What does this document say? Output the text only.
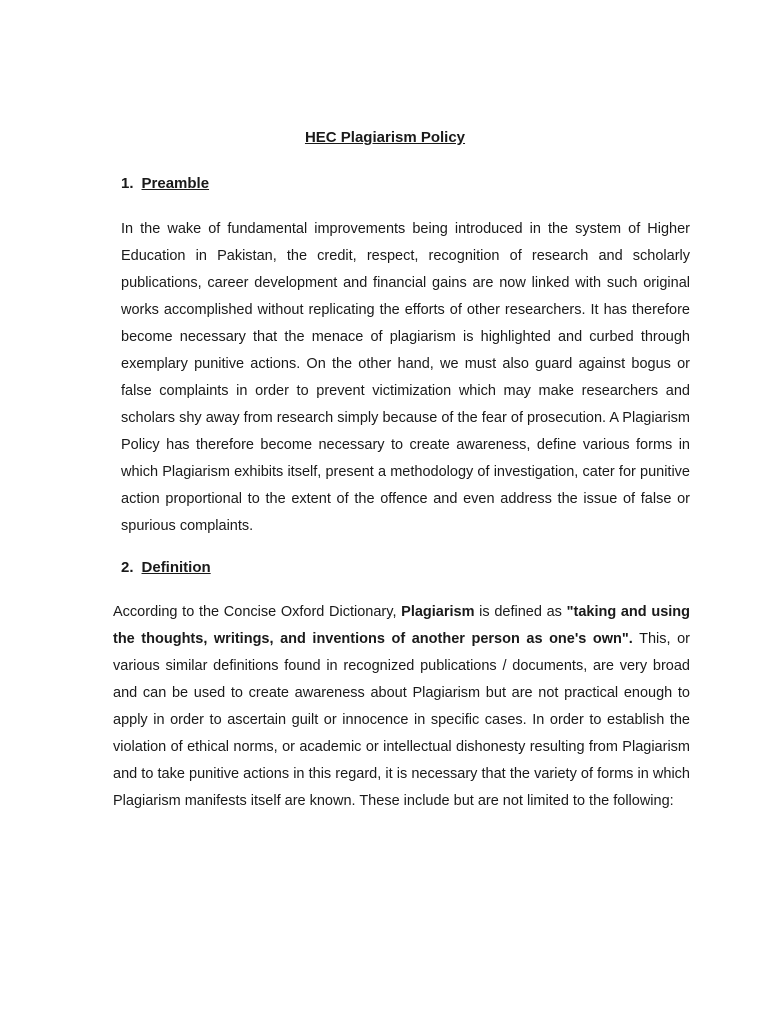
HEC Plagiarism Policy
1. Preamble
In the wake of fundamental improvements being introduced in the system of Higher Education in Pakistan, the credit, respect, recognition of research and scholarly publications, career development and financial gains are now linked with such original works accomplished without replicating the efforts of other researchers. It has therefore become necessary that the menace of plagiarism is highlighted and curbed through exemplary punitive actions. On the other hand, we must also guard against bogus or false complaints in order to prevent victimization which may make researchers and scholars shy away from research simply because of the fear of prosecution. A Plagiarism Policy has therefore become necessary to create awareness, define various forms in which Plagiarism exhibits itself, present a methodology of investigation, cater for punitive action proportional to the extent of the offence and even address the issue of false or spurious complaints.
2. Definition
According to the Concise Oxford Dictionary, Plagiarism is defined as "taking and using the thoughts, writings, and inventions of another person as one's own". This, or various similar definitions found in recognized publications / documents, are very broad and can be used to create awareness about Plagiarism but are not practical enough to apply in order to ascertain guilt or innocence in specific cases. In order to establish the violation of ethical norms, or academic or intellectual dishonesty resulting from Plagiarism and to take punitive actions in this regard, it is necessary that the variety of forms in which Plagiarism manifests itself are known. These include but are not limited to the following:
